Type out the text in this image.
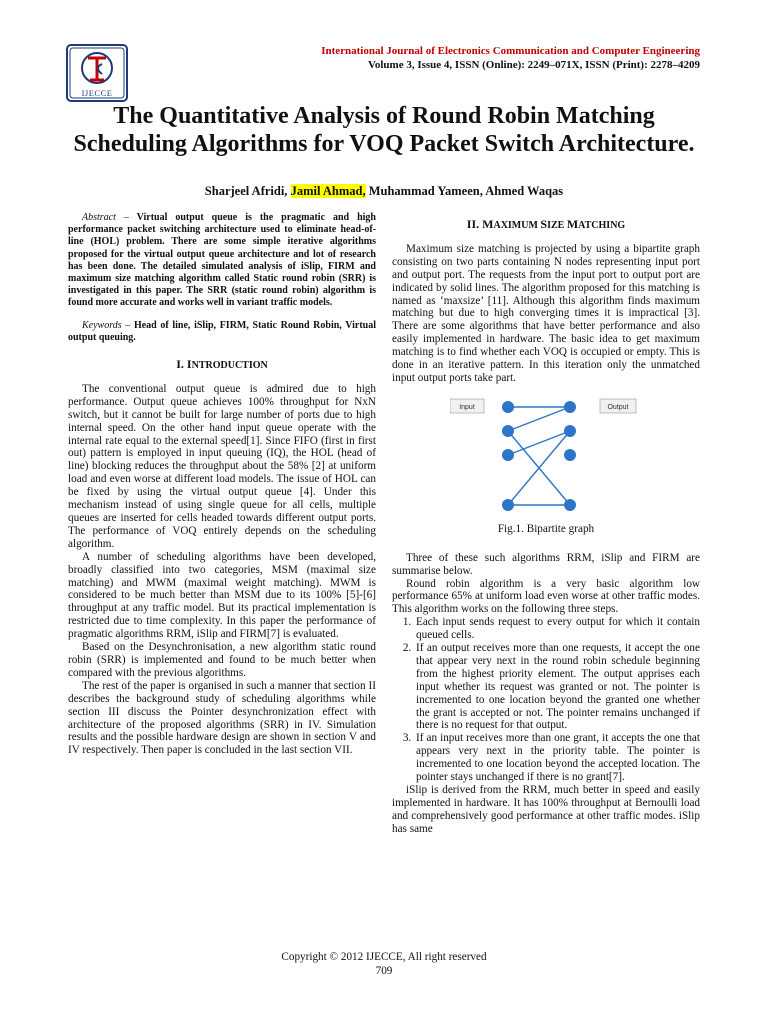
IJECCE
International Journal of Electronics Communication and Computer Engineering
Volume 3, Issue 4, ISSN (Online): 2249–071X, ISSN (Print): 2278–4209
The Quantitative Analysis of Round Robin Matching Scheduling Algorithms for VOQ Packet Switch Architecture.
Sharjeel Afridi, Jamil Ahmad, Muhammad Yameen, Ahmed Waqas

Abstract – Virtual output queue is the pragmatic and high performance packet switching architecture used to eliminate head-of-line (HOL) problem. There are some simple iterative algorithms proposed for the virtual output queue architecture and lot of research has been done. The detailed simulated analysis of iSlip, FIRM and maximum size matching algorithm called Static round robin (SRR) is investigated in this paper. The SRR (static round robin) algorithm is found more accurate and works well in variant traffic models.

Keywords – Head of line, iSlip, FIRM, Static Round Robin, Virtual output queuing.

I. INTRODUCTION

The conventional output queue is admired due to high performance. Output queue achieves 100% throughput for NxN switch, but it cannot be built for large number of ports due to high internal speed. On the other hand input queue operate with the internal rate equal to the external speed[1]. Since FIFO (first in first out) pattern is employed in input queuing (IQ), the HOL (head of line) blocking reduces the throughput about the 58% [2] at uniform load and even worse at different load models. The issue of HOL can be fixed by using the virtual output queue [4]. Under this mechanism instead of using single queue for all cells, multiple queues are inserted for cells headed towards different output ports. The performance of VOQ entirely depends on the scheduling algorithm.

A number of scheduling algorithms have been developed, broadly classified into two categories, MSM (maximal size matching) and MWM (maximal weight matching). MWM is considered to be much better than MSM due to its 100% [5]-[6] throughput at any traffic model. But its practical implementation is restricted due to time complexity. In this paper the performance of pragmatic algorithms RRM, iSlip and FIRM[7] is evaluated.

Based on the Desynchronisation, a new algorithm static round robin (SRR) is implemented and found to be much better when compared with the previous algorithms.

The rest of the paper is organised in such a manner that section II describes the background study of scheduling algorithms while section III discuss the Pointer desynchronization effect with architecture of the proposed algorithms (SRR) in IV. Simulation results and the possible hardware design are shown in section V and IV respectively. Then paper is concluded in the last section VII.

II. MAXIMUM SIZE MATCHING

Maximum size matching is projected by using a bipartite graph consisting on two parts containing N nodes representing input port and output port. The requests from the input port to output port are indicated by solid lines. The algorithm proposed for this matching is named as ‘maxsize’ [11]. Although this algorithm finds maximum matching but due to high converging times it is impractical [3]. There are some algorithms that have better performance and also easily implemented in hardware. The basic idea to get maximum matching is to find whether each VOQ is occupied or empty. This is done in an iterative pattern. In this iteration only the unmatched input output ports take part.

Input	Output
Fig.1. Bipartite graph

Three of these such algorithms RRM, iSlip and FIRM are summarise below.

Round robin algorithm is a very basic algorithm low performance 65% at uniform load even worse at other traffic modes. This algorithm works on the following three steps.

1. Each input sends request to every output for which it contain queued cells.
2. If an output receives more than one requests, it accept the one that appear very next in the round robin schedule beginning from the highest priority element. The output apprises each input whether its request was granted or not. The pointer is incremented to one location beyond the granted one whether the grant is accepted or not. The pointer remains unchanged if there is no request for that output.
3. If an input receives more than one grant, it accepts the one that appears very next in the priority table. The pointer is incremented to one location beyond the accepted location. The pointer stays unchanged if there is no grant[7].

iSlip is derived from the RRM, much better in speed and easily implemented in hardware. It has 100% throughput at Bernoulli load and comprehensively good performance at other traffic modes. iSlip has same

Copyright © 2012 IJECCE, All right reserved
709
